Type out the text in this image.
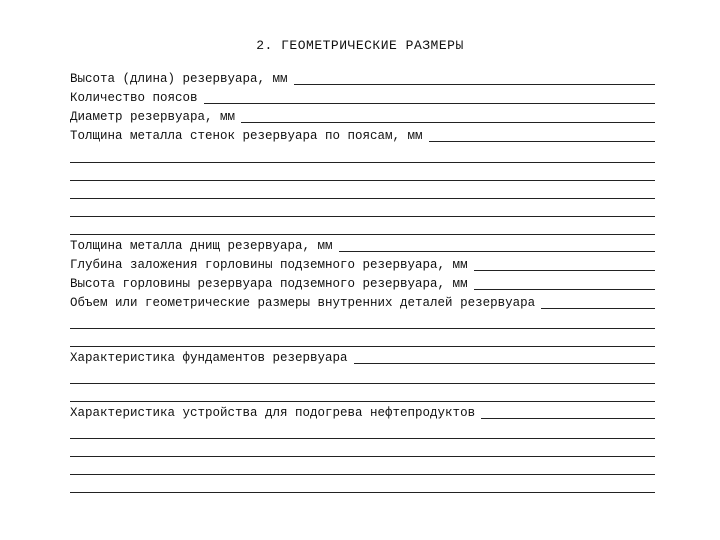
2. ГЕОМЕТРИЧЕСКИЕ РАЗМЕРЫ
Высота (длина) резервуара, мм
Количество поясов
Диаметр резервуара, мм
Толщина металла стенок резервуара по поясам, мм
Толщина металла днищ резервуара, мм
Глубина заложения горловины подземного резервуара, мм
Высота горловины резервуара подземного резервуара, мм
Объем или геометрические размеры внутренних деталей резервуара
Характеристика фундаментов резервуара
Характеристика устройства для подогрева нефтепродуктов
